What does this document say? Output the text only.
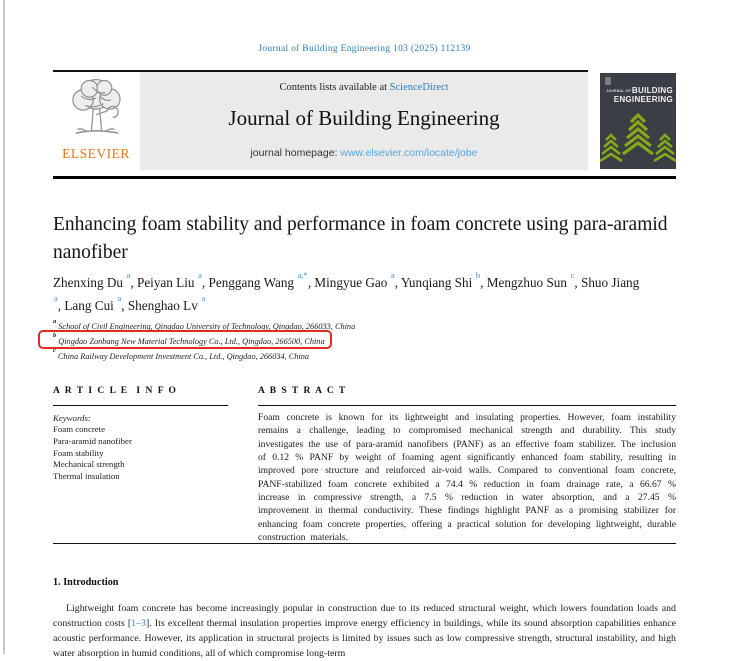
Journal of Building Engineering 103 (2025) 112139
ELSEVIER
Contents lists available at ScienceDirect
Journal of Building Engineering
journal homepage: www.elsevier.com/locate/jobe
JOURNAL OFBUILDING
ENGINEERING
Enhancing foam stability and performance in foam concrete using para-aramid nanofiber
Zhenxing Du $^a$, Peiyan Liu $^a$, Penggang Wang $^{a,*}$, Mingyue Gao $^a$, Yunqiang Shi $^b$, Mengzhuo Sun $^c$, Shuo Jiang $^a$, Lang Cui $^a$, Shenghao Lv $^a$
$^a$School of Civil Engineering, Qingdao University of Technology, Qingdao, 266033, China
$^b$Qingdao Zonbang New Material Technology Co., Ltd., Qingdao, 266500, China
$^c$China Railway Development Investment Co., Ltd., Qingdao, 266034, China
A R T I C L E  I N F O
Keywords:
Foam concrete
Para-aramid nanofiber
Foam stability
Mechanical strength
Thermal insulation
A B S T R A C T
Foam concrete is known for its lightweight and insulating properties. However, foam instability remains a challenge, leading to compromised mechanical strength and durability. This study investigates the use of para-aramid nanofibers (PANF) as an effective foam stabilizer. The inclusion of 0.12 % PANF by weight of foaming agent significantly enhanced foam stability, resulting in improved pore structure and reinforced air-void walls. Compared to conventional foam concrete, PANF-stabilized foam concrete exhibited a 74.4 % reduction in foam drainage rate, a 66.67 % increase in compressive strength, a 7.5 % reduction in water absorption, and a 27.45 % improvement in thermal conductivity. These findings highlight PANF as a promising stabilizer for enhancing foam concrete properties, offering a practical solution for developing lightweight, durable construction materials.
1. Introduction

Lightweight foam concrete has become increasingly popular in construction due to its reduced structural weight, which lowers foundation loads and construction costs [1–3]. Its excellent thermal insulation properties improve energy efficiency in buildings, while its sound absorption capabilities enhance acoustic performance. However, its application in structural projects is limited by issues such as low compressive strength, structural instability, and high water absorption in humid conditions, all of which compromise long-term
